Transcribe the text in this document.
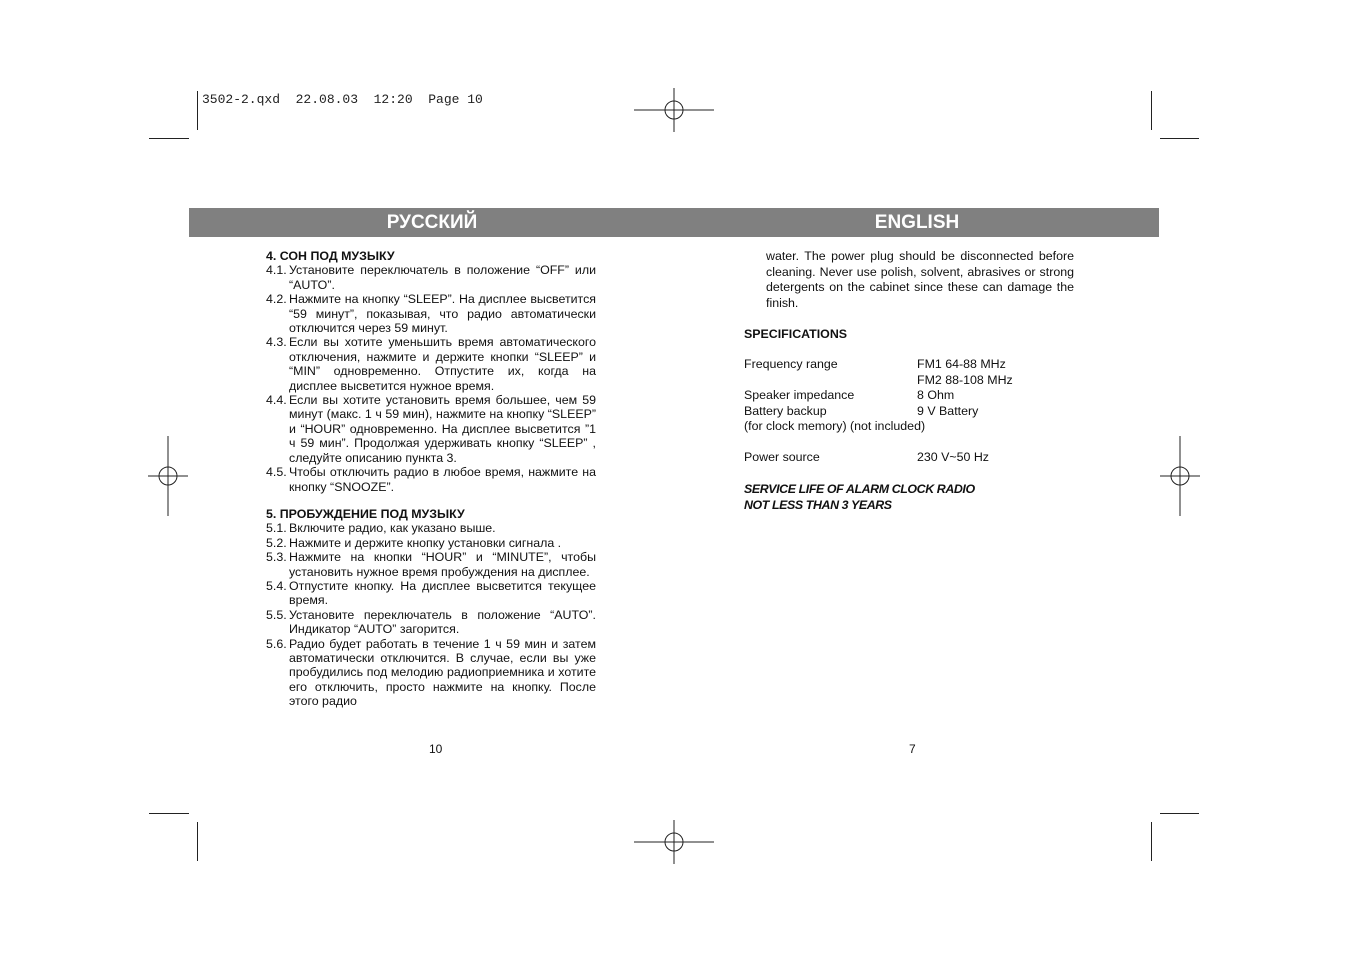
3502-2.qxd  22.08.03  12:20  Page 10
РУССКИЙ	ENGLISH

4. СОН ПОД МУЗЫКУ

4.1. Установите переключатель в положение “OFF” или “AUTO”.
4.2. Нажмите на кнопку “SLEEP”. На дисплее высветится “59 минут”, показывая, что радио автоматически отключится через 59 минут.
4.3. Если вы хотите уменьшить время автоматического отключения, нажмите и держите кнопки “SLEEP” и “MIN” одновременно. Отпустите их, когда на дисплее высветится нужное время.
4.4. Если вы хотите установить время большее, чем 59 минут (макс. 1 ч 59 мин), нажмите на кнопку “SLEEP” и “HOUR” одновременно. На дисплее высветится ”1 ч 59 мин”. Продолжая удерживать кнопку “SLEEP” , следуйте описанию пункта 3.
4.5. Чтобы отключить радио в любое время, нажмите на кнопку “SNOOZE”.

5. ПРОБУЖДЕНИЕ ПОД МУЗЫКУ

5.1. Включите радио, как указано выше.
5.2. Нажмите и держите кнопку установки сигнала .
5.3. Нажмите на кнопки “HOUR” и “MINUTE”, чтобы установить нужное время пробуждения на дисплее.
5.4. Отпустите кнопку. На дисплее высветится текущее время.
5.5. Установите переключатель в положение “AUTO”. Индикатор “AUTO” загорится.
5.6. Радио будет работать в течение 1 ч 59 мин и затем автоматически отключится. В случае, если вы уже пробудились под мелодию радиоприемника и хотите его отключить, просто нажмите на кнопку. После этого радио
10
water. The power plug should be disconnected before cleaning. Never use polish, solvent, abrasives or strong detergents on the cabinet since these can damage the finish.

SPECIFICATIONS

Frequency range	FM1 64-88 MHz
FM2 88-108 MHz
Speaker impedance	8 Ohm
Battery backup	9 V Battery
(for clock memory) (not included)
Power source	230 V~50 Hz
SERVICE LIFE OF ALARM CLOCK RADIO
NOT LESS THAN 3 YEARS
7
